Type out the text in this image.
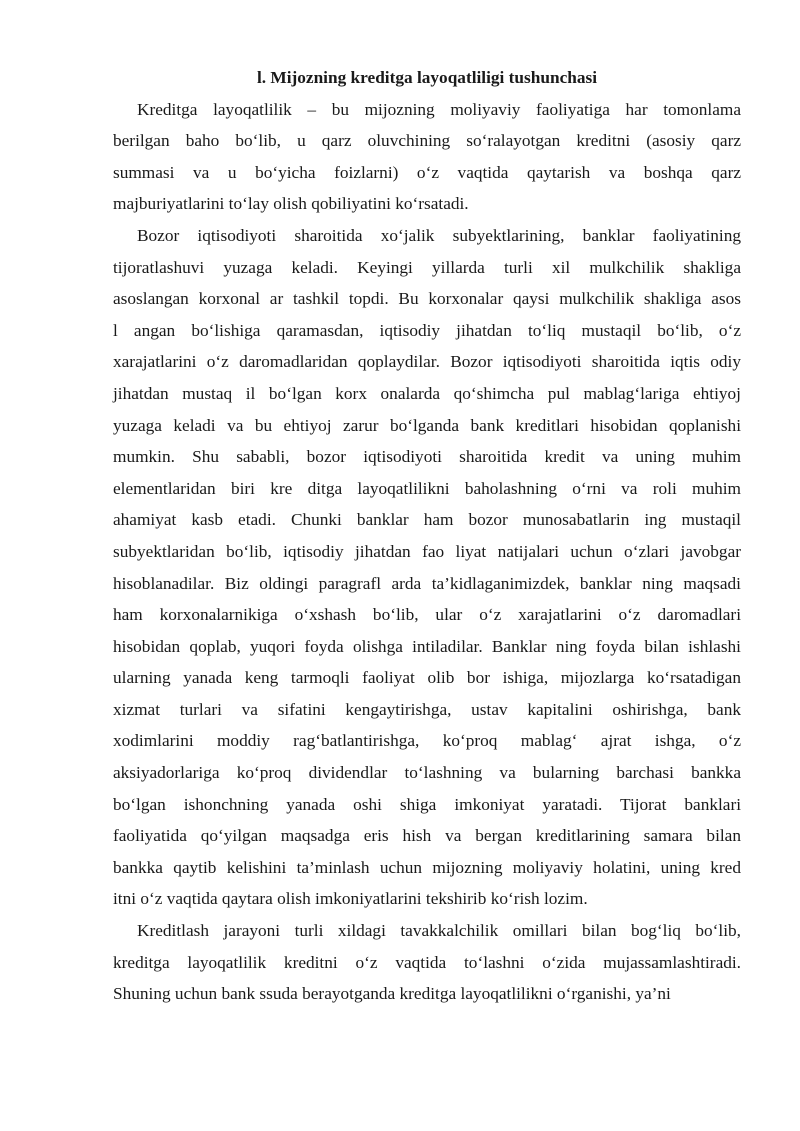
l. Mijozning kreditga layoqatliligi tushunchasi

Kreditga layoqatlilik – bu mijozning moliyaviy faoliyatiga har tomonlama
berilgan baho bo‘lib, u qarz oluvchining so‘ralayotgan kreditni (asosiy qarz
summasi va u bo‘yicha foizlarni) o‘z vaqtida qaytarish va boshqa qarz
majburiyatlarini to‘lay olish qobiliyatini ko‘rsatadi.

Bozor iqtisodiyoti sharoitida xo‘jalik subyektlarining, banklar faoliyatining
tijoratlashuvi yuzaga keladi. Keyingi yillarda turli xil mulkchilik shakliga
asoslangan korxonal ar tashkil topdi. Bu korxonalar qaysi mulkchilik shakliga asos
l angan bo‘lishiga qaramasdan, iqtisodiy jihatdan to‘liq mustaqil bo‘lib, o‘z
xarajatlarini o‘z daromadlaridan qoplaydilar. Bozor iqtisodiyoti sharoitida iqtis odiy
jihatdan mustaq il bo‘lgan korx onalarda qo‘shimcha pul mablag‘lariga ehtiyoj
yuzaga keladi va bu ehtiyoj zarur bo‘lganda bank kreditlari hisobidan qoplanishi
mumkin. Shu sababli, bozor iqtisodiyoti sharoitida kredit va uning muhim
elementlaridan biri kre ditga layoqatlilikni baholashning o‘rni va roli muhim
ahamiyat kasb etadi. Chunki banklar ham bozor munosabatlarin ing mustaqil
subyektlaridan bo‘lib, iqtisodiy jihatdan fao liyat natijalari uchun o‘zlari javobgar
hisoblanadilar. Biz oldingi paragrafl arda ta’kidlaganimizdek, banklar ning maqsadi
ham korxonalarnikiga o‘xshash bo‘lib, ular o‘z xarajatlarini o‘z daromadlari
hisobidan qoplab, yuqori foyda olishga intiladilar. Banklar ning foyda bilan ishlashi
ularning yanada keng tarmoqli faoliyat olib bor ishiga, mijozlarga ko‘rsatadigan
xizmat turlari va sifatini kengaytirishga, ustav kapitalini oshirishga, bank
xodimlarini moddiy rag‘batlantirishga, ko‘proq mablag‘ ajrat ishga, o‘z
aksiyadorlariga ko‘proq dividendlar to‘lashning va bularning barchasi bankka
bo‘lgan ishonchning yanada oshi shiga imkoniyat yaratadi. Tijorat banklari
faoliyatida qo‘yilgan maqsadga eris hish va bergan kreditlarining samara bilan
bankka qaytib kelishini ta’minlash uchun mijozning moliyaviy holatini, uning kred
itni o‘z vaqtida qaytara olish imkoniyatlarini tekshirib ko‘rish lozim.

Kreditlash jarayoni turli xildagi tavakkalchilik omillari bilan bog‘liq bo‘lib,
kreditga layoqatlilik kreditni o‘z vaqtida to‘lashni o‘zida mujassamlashtiradi.
Shuning uchun bank ssuda berayotganda kreditga layoqatlilikni o‘rganishi, ya’ni
